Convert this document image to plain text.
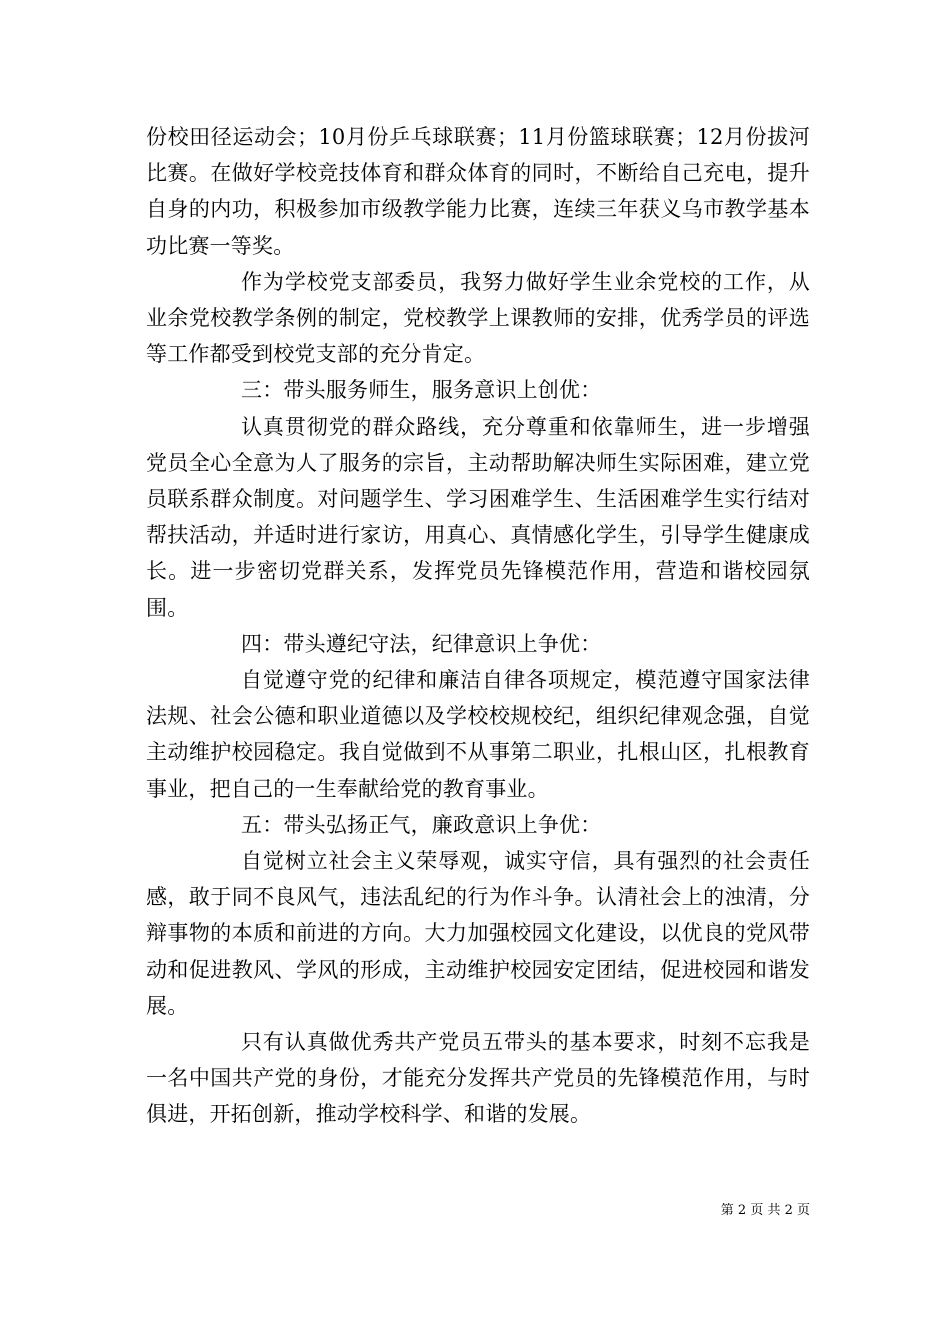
份校田径运动会；10月份乒乓球联赛；11月份篮球联赛；12月份拔河比赛。在做好学校竞技体育和群众体育的同时，不断给自己充电，提升自身的内功，积极参加市级教学能力比赛，连续三年获义乌市教学基本功比赛一等奖。

作为学校党支部委员，我努力做好学生业余党校的工作，从业余党校教学条例的制定，党校教学上课教师的安排，优秀学员的评选等工作都受到校党支部的充分肯定。

三：带头服务师生，服务意识上创优：

认真贯彻党的群众路线，充分尊重和依靠师生，进一步增强党员全心全意为人了服务的宗旨，主动帮助解决师生实际困难，建立党员联系群众制度。对问题学生、学习困难学生、生活困难学生实行结对帮扶活动，并适时进行家访，用真心、真情感化学生，引导学生健康成长。进一步密切党群关系，发挥党员先锋模范作用，营造和谐校园氛围。

四：带头遵纪守法，纪律意识上争优：

自觉遵守党的纪律和廉洁自律各项规定，模范遵守国家法律法规、社会公德和职业道德以及学校校规校纪，组织纪律观念强，自觉主动维护校园稳定。我自觉做到不从事第二职业，扎根山区，扎根教育事业，把自己的一生奉献给党的教育事业。

五：带头弘扬正气，廉政意识上争优：

自觉树立社会主义荣辱观，诚实守信，具有强烈的社会责任感，敢于同不良风气，违法乱纪的行为作斗争。认清社会上的浊清，分辩事物的本质和前进的方向。大力加强校园文化建设，以优良的党风带动和促进教风、学风的形成，主动维护校园安定团结，促进校园和谐发展。

只有认真做优秀共产党员五带头的基本要求，时刻不忘我是一名中国共产党的身份，才能充分发挥共产党员的先锋模范作用，与时俱进，开拓创新，推动学校科学、和谐的发展。

第 2 页 共 2 页
